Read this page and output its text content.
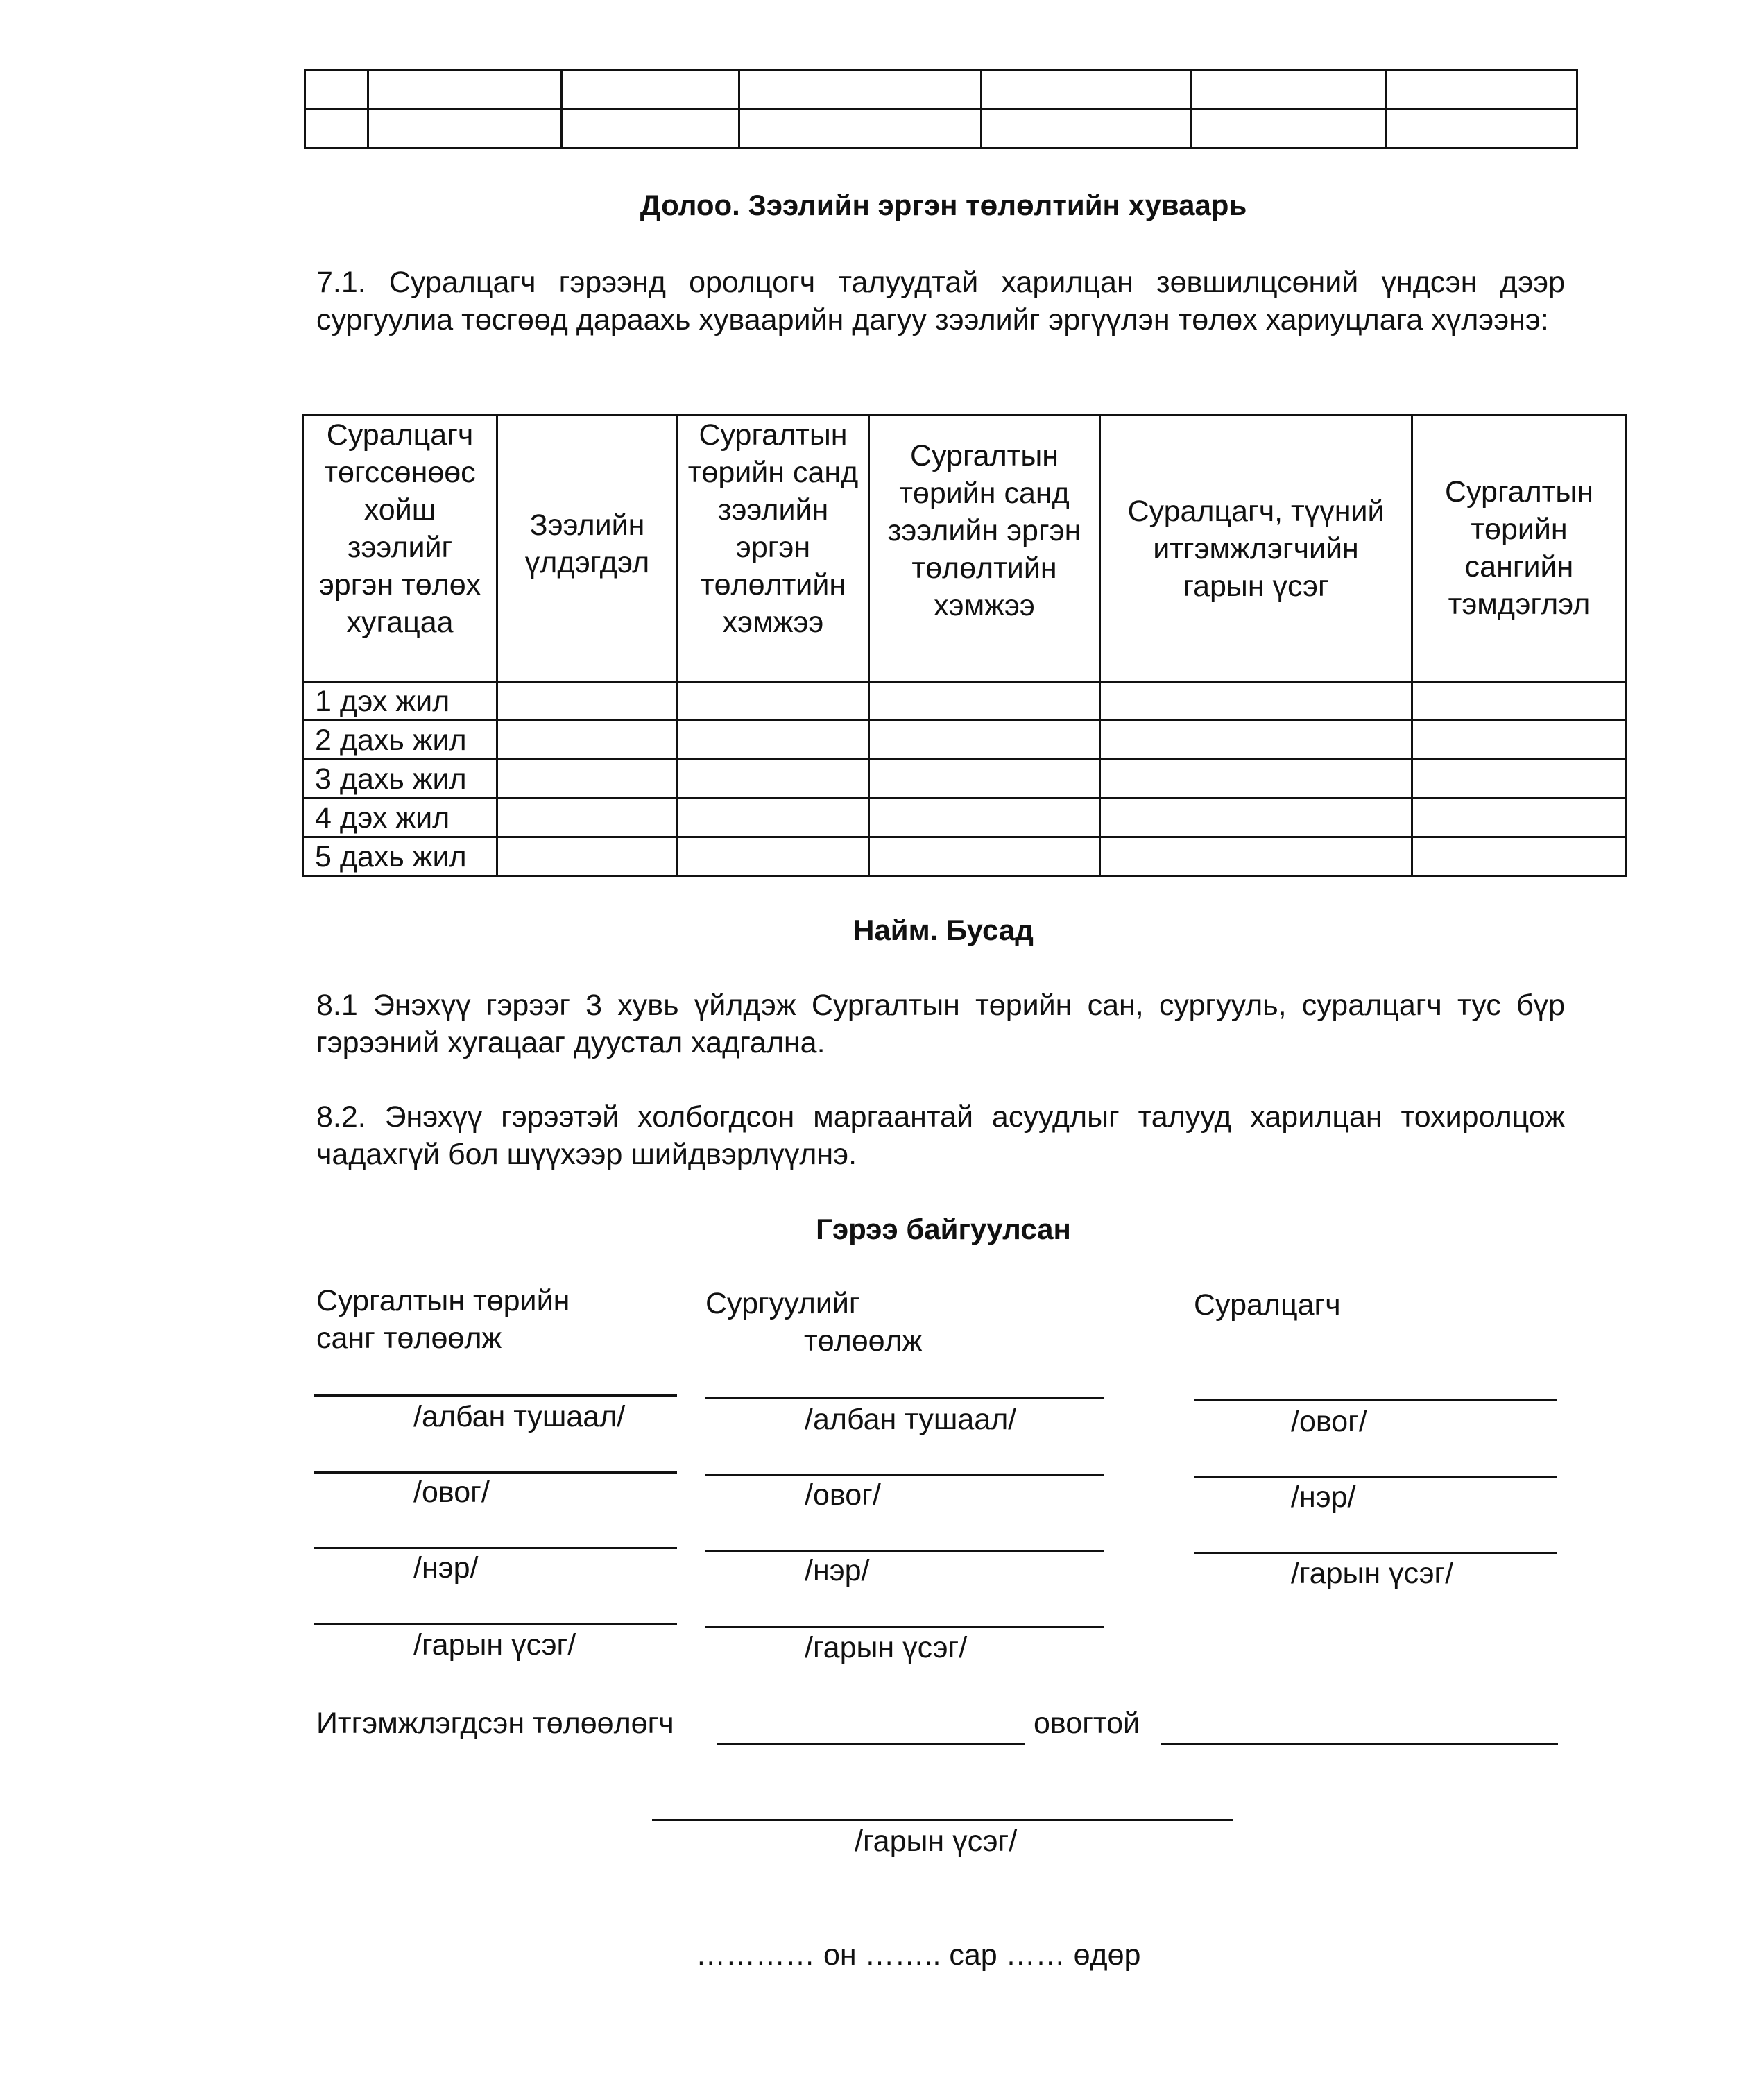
Долоо. Зээлийн эргэн төлөлтийн хуваарь
7.1. Суралцагч гэрээнд оролцогч талуудтай харилцан зөвшилцсөний үндсэн дээр сургуулиа төсгөөд дараахь хуваарийн дагуу зээлийг эргүүлэн төлөх хариуцлага хүлээнэ:
Суралцагч төгссөнөөс хойш зээлийг эргэн төлөх хугацаа	Зээлийн үлдэгдэл	Сургалтын төрийн санд зээлийн эргэн төлөлтийн хэмжээ	Сургалтын төрийн санд зээлийн эргэн төлөлтийн хэмжээ	Суралцагч, түүний итгэмжлэгчийн гарын үсэг	Сургалтын төрийн сангийн тэмдэглэл

1 дэх жил					
2 дахь жил					
3 дахь жил					
4 дэх жил					
5 дахь жил					
Найм. Бусад
8.1 Энэхүү гэрээг 3 хувь үйлдэж Сургалтын төрийн сан, сургууль, суралцагч тус бүр гэрээний хугацааг дуустал хадгална.
8.2. Энэхүү гэрээтэй холбогдсон маргаантай асуудлыг талууд харилцан тохиролцож чадахгүй бол шүүхээр шийдвэрлүүлнэ.
Гэрээ байгуулсан
Сургалтын төрийн
санг төлөөлж
Сургуулийг
төлөөлж
Суралцагч
/албан тушаал/
/овог/
/нэр/
/гарын үсэг/
/албан тушаал/
/овог/
/нэр/
/гарын үсэг/
/овог/
/нэр/
/гарын үсэг/
Итгэмжлэгдсэн төлөөлөгч	овогтой
/гарын үсэг/
………… он …….. сар …… өдөр
